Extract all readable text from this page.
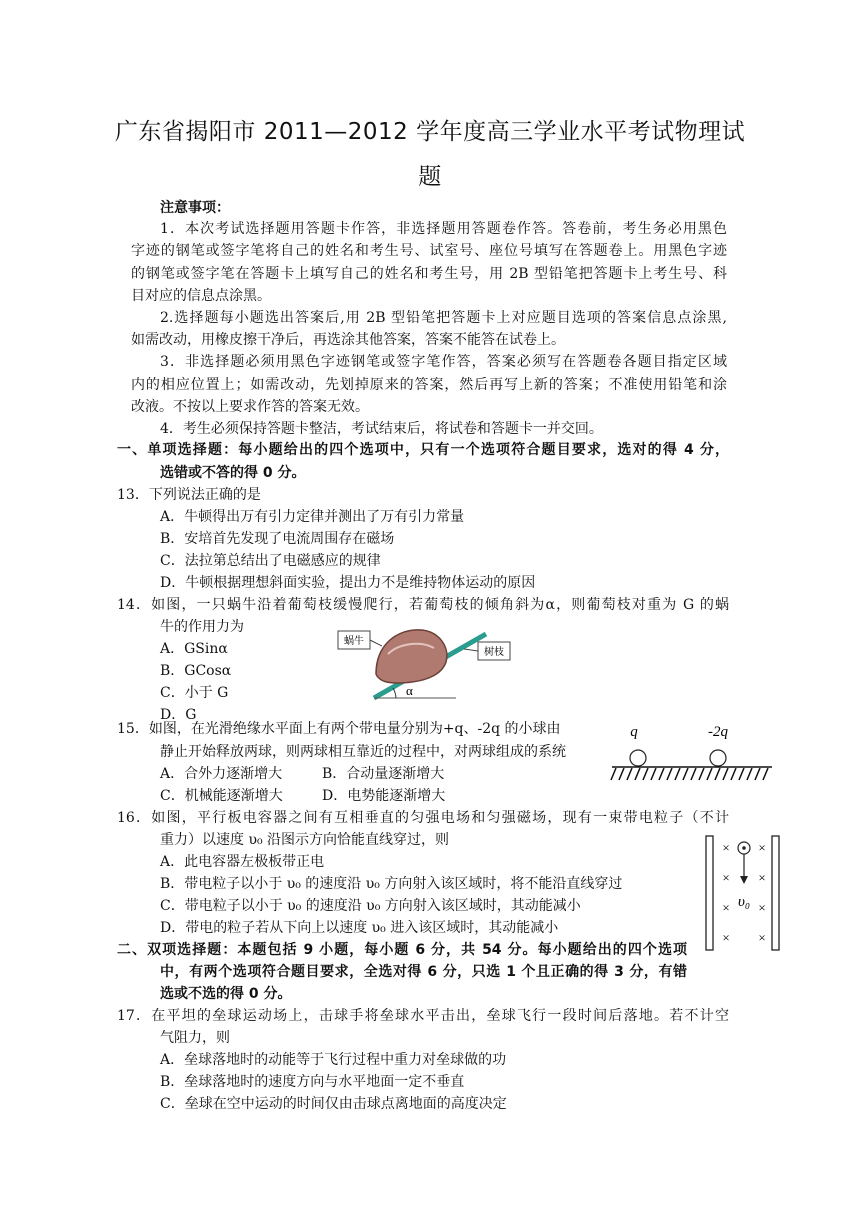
广东省揭阳市 2011—2012 学年度高三学业水平考试物理试
题
注意事项：
1．本次考试选择题用答题卡作答，非选择题用答题卷作答。答卷前，考生务必用黑色
字迹的钢笔或签字笔将自己的姓名和考生号、试室号、座位号填写在答题卷上。用黑色字迹
的钢笔或签字笔在答题卡上填写自己的姓名和考生号，用 2B 型铅笔把答题卡上考生号、科
目对应的信息点涂黑。
2.选择题每小题选出答案后,用 2B 型铅笔把答题卡上对应题目选项的答案信息点涂黑,
如需改动，用橡皮擦干净后，再选涂其他答案，答案不能答在试卷上。
3．非选择题必须用黑色字迹钢笔或签字笔作答，答案必须写在答题卷各题目指定区域
内的相应位置上；如需改动，先划掉原来的答案，然后再写上新的答案；不准使用铅笔和涂
改液。不按以上要求作答的答案无效。
4．考生必须保持答题卡整洁，考试结束后，将试卷和答题卡一并交回。
一、单项选择题：每小题给出的四个选项中，只有一个选项符合题目要求，选对的得 4 分，
选错或不答的得 0 分。
13．下列说法正确的是
A．牛顿得出万有引力定律并测出了万有引力常量
B．安培首先发现了电流周围存在磁场
C．法拉第总结出了电磁感应的规律
D．牛顿根据理想斜面实验，提出力不是维持物体运动的原因
14．如图，一只蜗牛沿着葡萄枝缓慢爬行，若葡萄枝的倾角斜为α，则葡萄枝对重为 G 的蜗
牛的作用力为
A．GSinα
B．GCosα
C．小于 G
D．G
蜗牛
树枝
α
15．如图，在光滑绝缘水平面上有两个带电量分别为+q、-2q 的小球由
静止开始释放两球，则两球相互靠近的过程中，对两球组成的系统
A．合外力逐渐增大	B．合动量逐渐增大
C．机械能逐渐增大	D．电势能逐渐增大
q	-2q
16．如图，平行板电容器之间有互相垂直的匀强电场和匀强磁场，现有一束带电粒子（不计
重力）以速度 υ₀ 沿图示方向恰能直线穿过，则
A．此电容器左极板带正电
B．带电粒子以小于 υ₀ 的速度沿 υ₀ 方向射入该区域时，将不能沿直线穿过
C．带电粒子以小于 υ₀ 的速度沿 υ₀ 方向射入该区域时，其动能减小
D．带电的粒子若从下向上以速度 υ₀ 进入该区域时，其动能减小
× ×
× ×
× ×
× ×
υ₀
二、双项选择题：本题包括 9 小题，每小题 6 分，共 54 分。每小题给出的四个选项
中，有两个选项符合题目要求，全选对得 6 分，只选 1 个且正确的得 3 分，有错
选或不选的得 0 分。
17．在平坦的垒球运动场上，击球手将垒球水平击出，垒球飞行一段时间后落地。若不计空
气阻力，则
A．垒球落地时的动能等于飞行过程中重力对垒球做的功
B．垒球落地时的速度方向与水平地面一定不垂直
C．垒球在空中运动的时间仅由击球点离地面的高度决定
